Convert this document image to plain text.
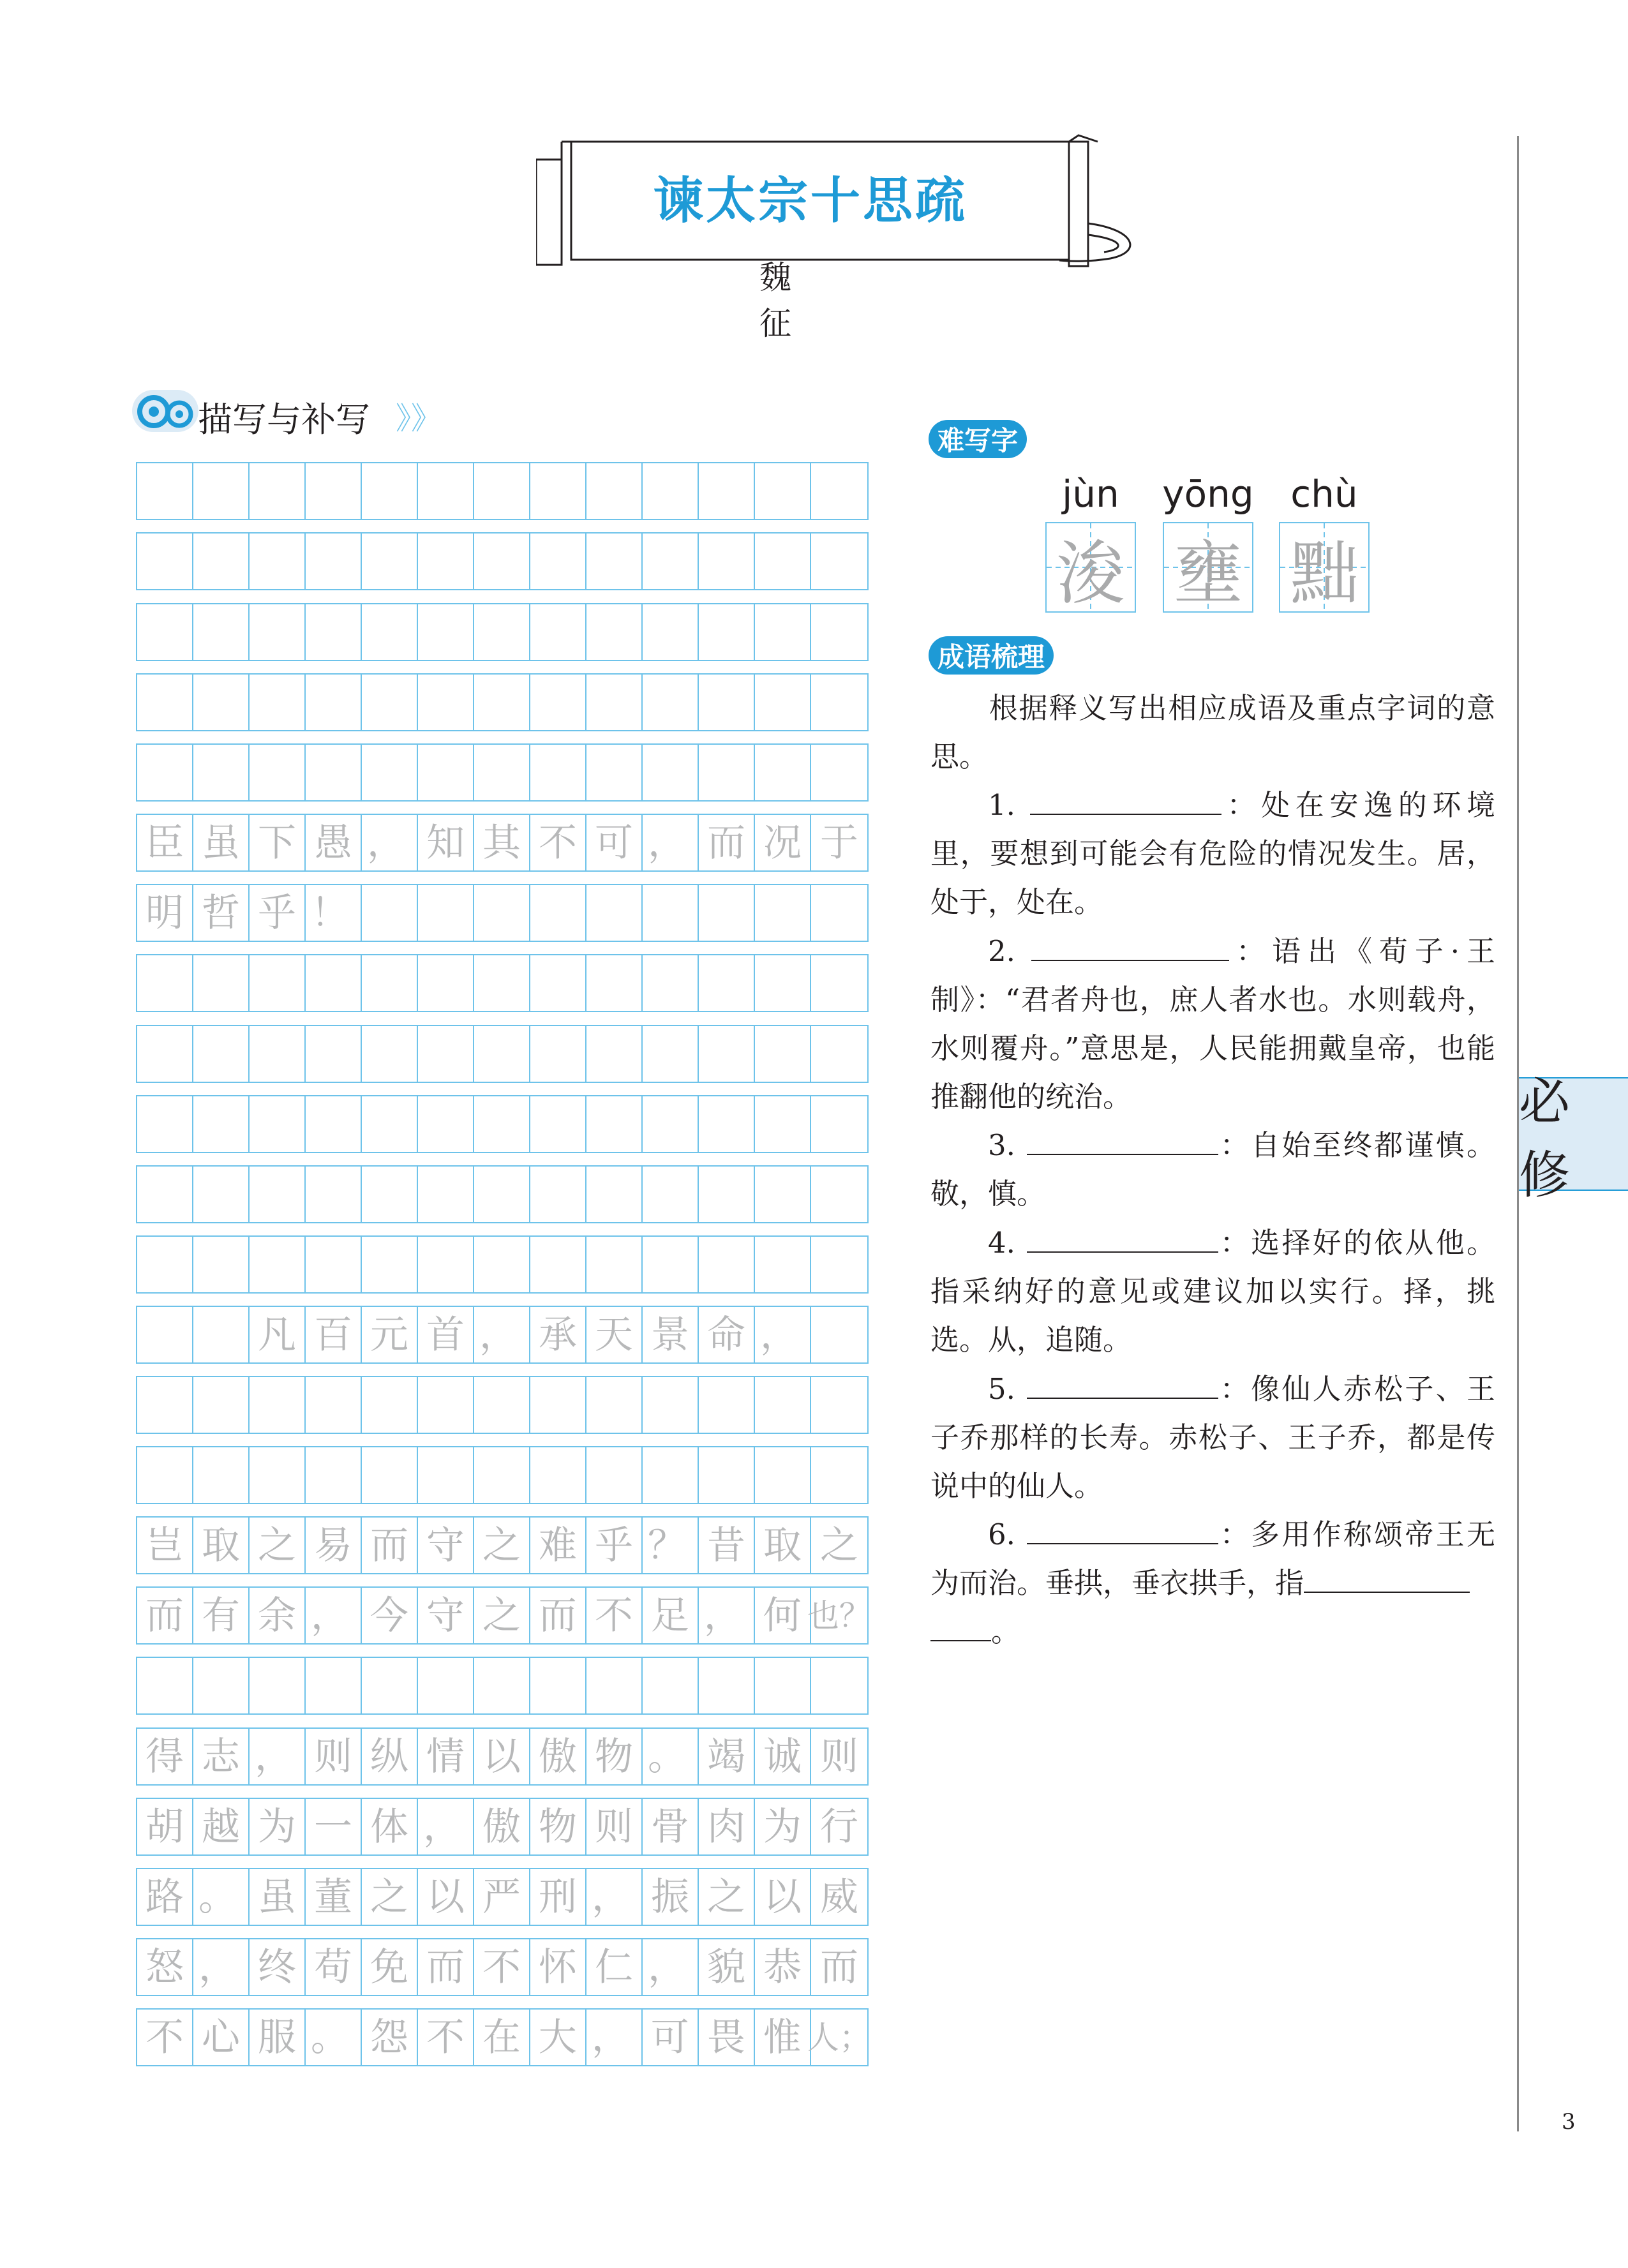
谏太宗十思疏
魏　征
描写与补写 》》
臣 虽 下 愚 ， 知 其 不 可 ， 而 况 于
明 哲 乎 ！
凡 百 元 首 ， 承 天 景 命 ，
岂 取 之 易 而 守 之 难 乎 ？ 昔 取 之
而 有 余 ， 今 守 之 而 不 足 ， 何 也？
得 志 ， 则 纵 情 以 傲 物 。 竭 诚 则
胡 越 为 一 体 ， 傲 物 则 骨 肉 为 行
路 。 虽 董 之 以 严 刑 ， 振 之 以 威
怒 ， 终 苟 免 而 不 怀 仁 ， 貌 恭 而
不 心 服 。 怨 不 在 大 ， 可 畏 惟 人；
难写字
jùn	yōng chù
浚 壅 黜
成语梳理

根据释义写出相应成语及重点字词的意思。

1.	：处在安逸的环境里，要想到可能会有危险的情况发生。居，处于，处在。

2.	：语出《荀子·王制》：“君者舟也，庶人者水也。水则载舟，水则覆舟。”意思是，人民能拥戴皇帝，也能推翻他的统治。

3.	：自始至终都谨慎。敬，慎。

4.	：选择好的依从他。指采纳好的意见或建议加以实行。择，挑选。从，追随。

5.	：像仙人赤松子、王子乔那样的长寿。赤松子、王子乔，都是传说中的仙人。

6.	：多用作称颂帝王无为而治。垂拱，垂衣拱手，指
。

必修
3
